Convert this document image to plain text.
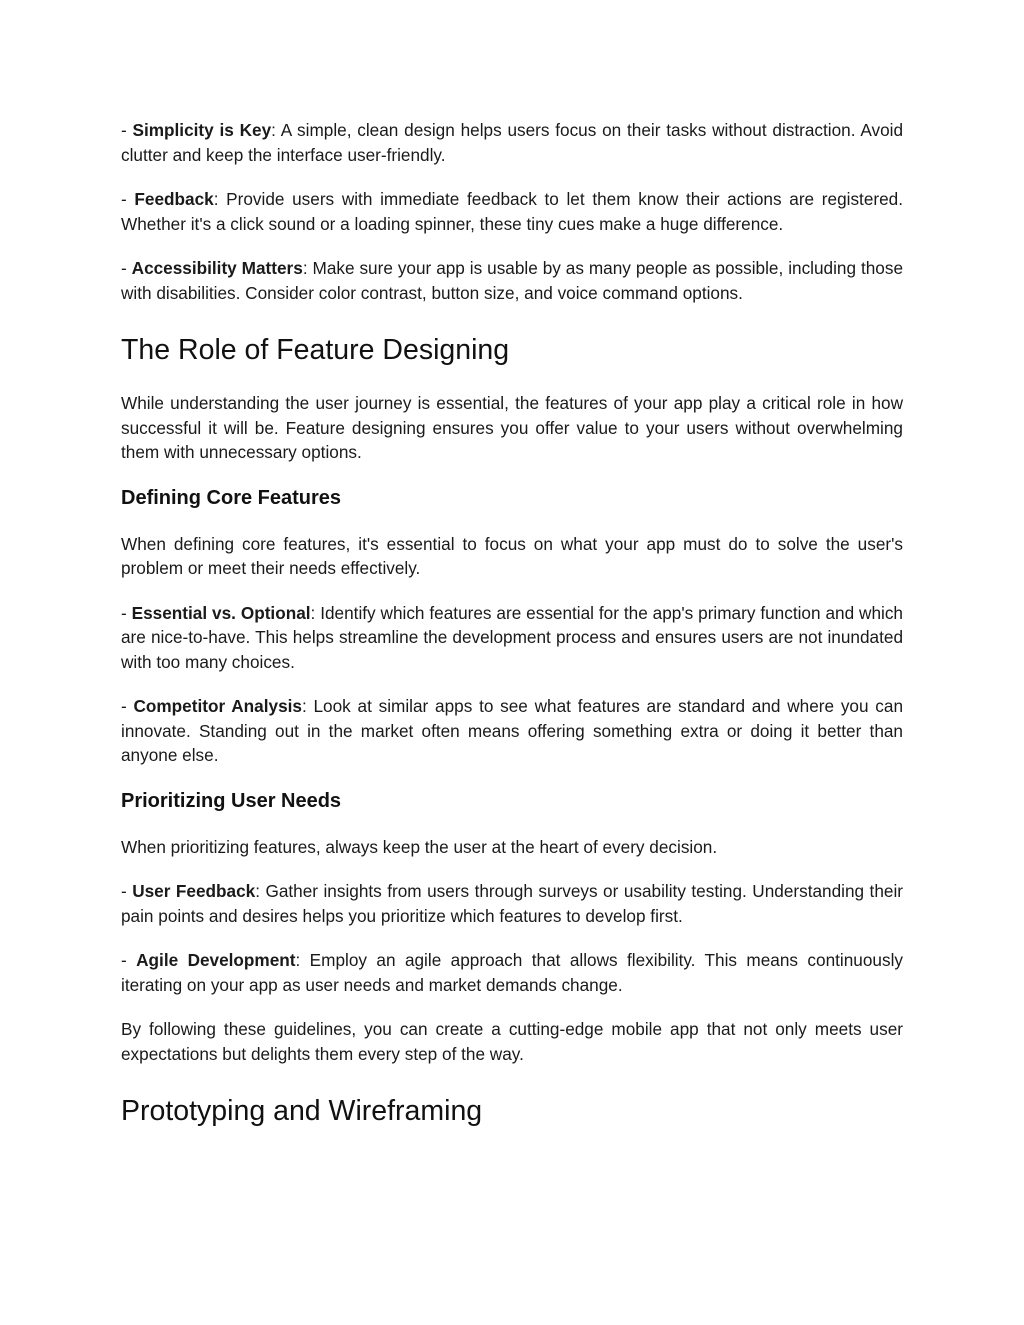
- Simplicity is Key: A simple, clean design helps users focus on their tasks without distraction. Avoid clutter and keep the interface user-friendly.

- Feedback: Provide users with immediate feedback to let them know their actions are registered. Whether it's a click sound or a loading spinner, these tiny cues make a huge difference.

- Accessibility Matters: Make sure your app is usable by as many people as possible, including those with disabilities. Consider color contrast, button size, and voice command options.

The Role of Feature Designing

While understanding the user journey is essential, the features of your app play a critical role in how successful it will be. Feature designing ensures you offer value to your users without overwhelming them with unnecessary options.

Defining Core Features

When defining core features, it's essential to focus on what your app must do to solve the user's problem or meet their needs effectively.

- Essential vs. Optional: Identify which features are essential for the app's primary function and which are nice-to-have. This helps streamline the development process and ensures users are not inundated with too many choices.

- Competitor Analysis: Look at similar apps to see what features are standard and where you can innovate. Standing out in the market often means offering something extra or doing it better than anyone else.

Prioritizing User Needs

When prioritizing features, always keep the user at the heart of every decision.

- User Feedback: Gather insights from users through surveys or usability testing. Understanding their pain points and desires helps you prioritize which features to develop first.

- Agile Development: Employ an agile approach that allows flexibility. This means continuously iterating on your app as user needs and market demands change.

By following these guidelines, you can create a cutting-edge mobile app that not only meets user expectations but delights them every step of the way.

Prototyping and Wireframing
